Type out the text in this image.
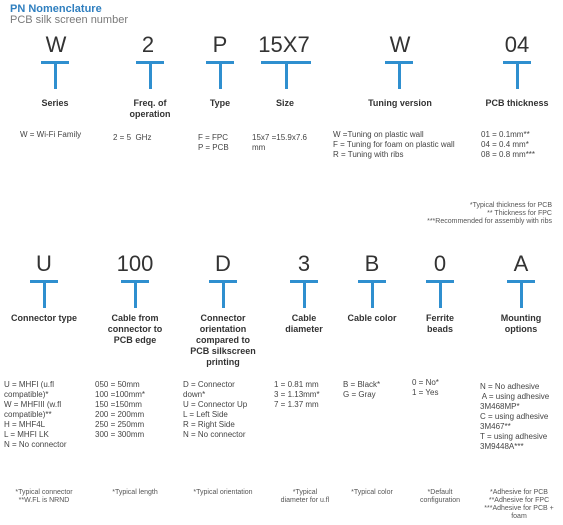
PN Nomenclature
PCB silk screen number
W
Series
W = Wi-Fi Family
2
Freq. of
operation
2 = 5  GHz
P
Type
F = FPC
P = PCB
15X7
Size
15x7 =15.9x7.6
mm
W
Tuning version
W =Tuning on plastic wall
F = Tuning for foam on plastic wall
R = Tuning with ribs
04
PCB thickness
01 = 0.1mm**
04 = 0.4 mm*
08 = 0.8 mm***
*Typical thickness for PCB
** Thickness for FPC
***Recommended for assembly with ribs
U
Connector type
U = MHFI (u.fl
compatible)*
W = MHFIII (w.fl
compatible)**
H = MHF4L
L = MHFI LK
N = No connector
*Typical connector
**W.FL is NRND
100
Cable from
connector to
PCB edge
050 = 50mm
100 =100mm*
150 =150mm
200 = 200mm
250 = 250mm
300 = 300mm
*Typical length
D
Connector
orientation
compared to
PCB silkscreen
printing
D = Connector
down*
U = Connector Up
L = Left Side
R = Right Side
N = No connector
*Typical orientation
3
Cable
diameter
1 = 0.81 mm
3 = 1.13mm*
7 = 1.37 mm
*Typical
diameter for u.fl
B
Cable color
B = Black*
G = Gray
*Typical color
0
Ferrite
beads
0 = No*
1 = Yes
*Default
configuration
A
Mounting
options
N = No adhesive
A = using adhesive
3M468MP*
C = using adhesive
3M467**
T = using adhesive
3M9448A***
*Adhesive for PCB
**Adhesive for FPC
***Adhesive for PCB +
foam
